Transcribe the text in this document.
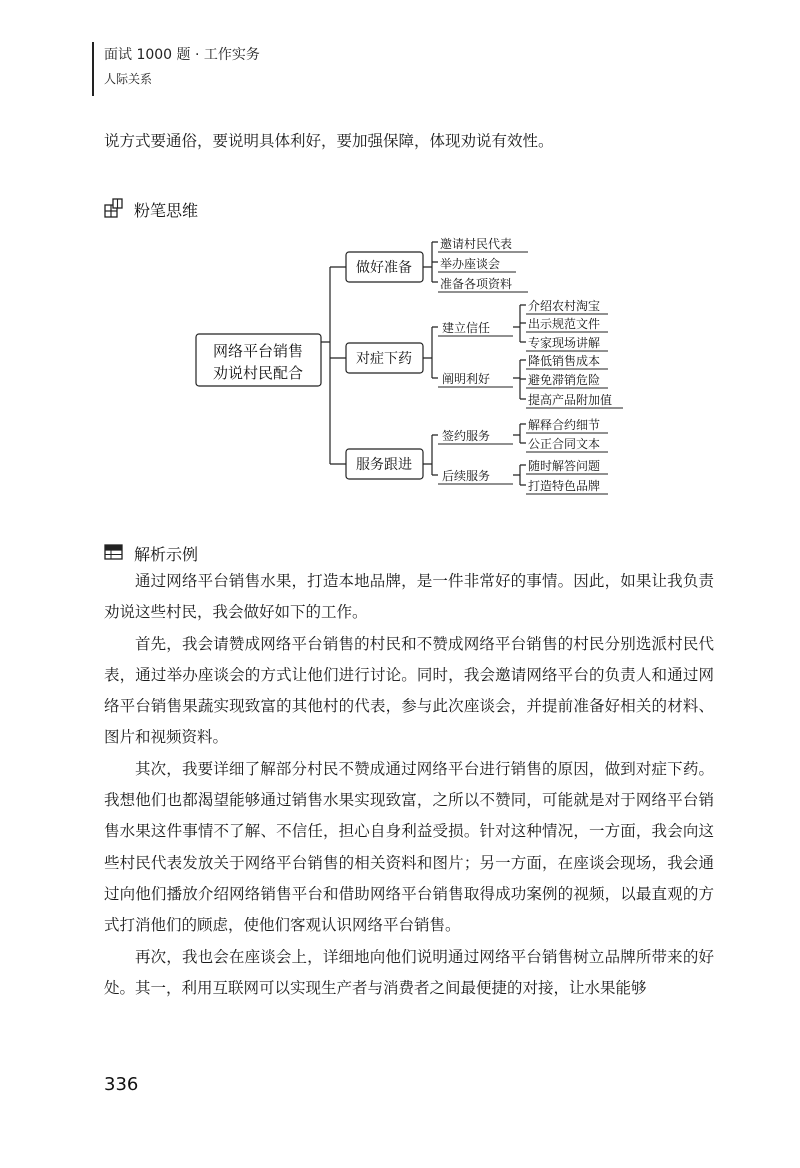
面试 1000 题 · 工作实务
人际关系
说方式要通俗，要说明具体利好，要加强保障，体现劝说有效性。
粉笔思维
网络平台销售
劝说村民配合
做好准备
对症下药
服务跟进
邀请村民代表
举办座谈会
准备各项资料
建立信任
阐明利好
介绍农村淘宝
出示规范文件
专家现场讲解
降低销售成本
避免滞销危险
提高产品附加值
签约服务
后续服务
解释合约细节
公正合同文本
随时解答问题
打造特色品牌
解析示例

通过网络平台销售水果，打造本地品牌，是一件非常好的事情。因此，如果让我负责劝说这些村民，我会做好如下的工作。

首先，我会请赞成网络平台销售的村民和不赞成网络平台销售的村民分别选派村民代表，通过举办座谈会的方式让他们进行讨论。同时，我会邀请网络平台的负责人和通过网络平台销售果蔬实现致富的其他村的代表，参与此次座谈会，并提前准备好相关的材料、图片和视频资料。

其次，我要详细了解部分村民不赞成通过网络平台进行销售的原因，做到对症下药。我想他们也都渴望能够通过销售水果实现致富，之所以不赞同，可能就是对于网络平台销售水果这件事情不了解、不信任，担心自身利益受损。针对这种情况，一方面，我会向这些村民代表发放关于网络平台销售的相关资料和图片；另一方面，在座谈会现场，我会通过向他们播放介绍网络销售平台和借助网络平台销售取得成功案例的视频，以最直观的方式打消他们的顾虑，使他们客观认识网络平台销售。

再次，我也会在座谈会上，详细地向他们说明通过网络平台销售树立品牌所带来的好处。其一，利用互联网可以实现生产者与消费者之间最便捷的对接，让水果能够

336
